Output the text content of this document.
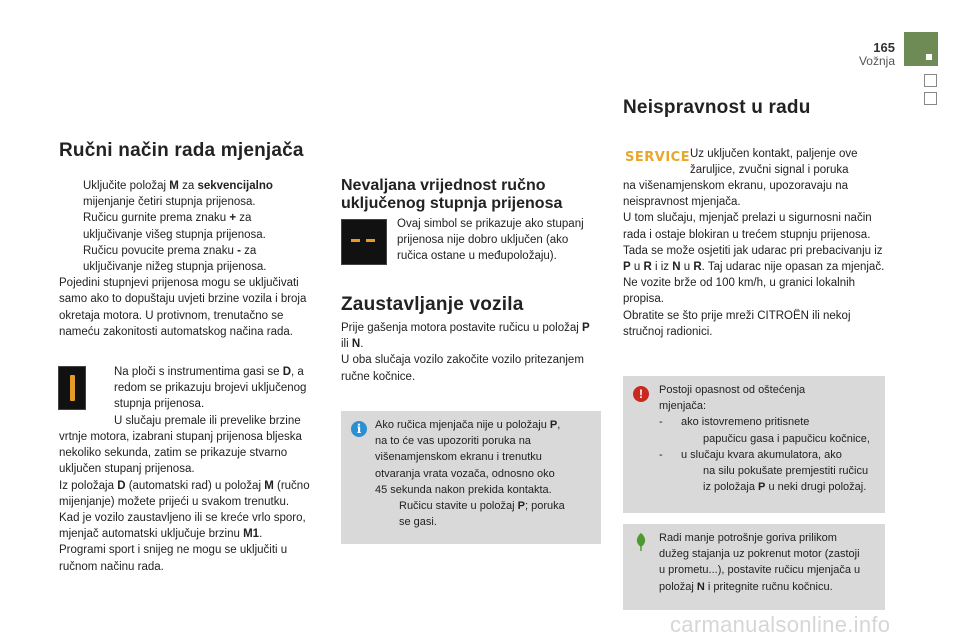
165
Vožnja
Ručni način rada mjenjača
Uključite položaj M za sekvencijalno
mijenjanje četiri stupnja prijenosa.
Ručicu gurnite prema znaku + za
uključivanje višeg stupnja prijenosa.
Ručicu povucite prema znaku - za
uključivanje nižeg stupnja prijenosa.

Pojedini stupnjevi prijenosa mogu se uključivati samo ako to dopuštaju uvjeti brzine vozila i broja okretaja motora. U protivnom, trenutačno se nameću zakonitosti automatskog načina rada.

Na ploči s instrumentima gasi se D, a
redom se prikazuju brojevi uključenog
stupnja prijenosa.
U slučaju premale ili prevelike brzine

vrtnje motora, izabrani stupanj prijenosa bljeska nekoliko sekunda, zatim se prikazuje stvarno uključen stupanj prijenosa.

Iz položaja D (automatski rad) u položaj M (ručno mijenjanje) možete prijeći u svakom trenutku.

Kad je vozilo zaustavljeno ili se kreće vrlo sporo, mjenjač automatski uključuje brzinu M1.

Programi sport i snijeg ne mogu se uključiti u ručnom načinu rada.

Nevaljana vrijednost ručno
uključenog stupnja prijenosa
Ovaj simbol se prikazuje ako stupanj
prijenosa nije dobro uključen (ako
ručica ostane u međupoložaju).
Zaustavljanje vozila

Prije gašenja motora postavite ručicu u položaj P
ili N.

U oba slučaja vozilo zakočite vozilo pritezanjem ručne kočnice.

i	Ako ručica mjenjača nije u položaju P,
na to će vas upozoriti poruka na
višenamjenskom ekranu i trenutku
otvaranja vrata vozača, odnosno oko
45 sekunda nakon prekida kontakta.
Ručicu stavite u položaj P; poruka
se gasi.
Neispravnost u radu
SERVICE Uz uključen kontakt, paljenje ove
žaruljice, zvučni signal i poruka

na višenamjenskom ekranu, upozoravaju na neispravnost mjenjača.

U tom slučaju, mjenjač prelazi u sigurnosni način rada i ostaje blokiran u trećem stupnju prijenosa. Tada se može osjetiti jak udarac pri prebacivanju iz P u R i iz N u R. Taj udarac nije opasan za mjenjač.

Ne vozite brže od 100 km/h, u granici lokalnih propisa.

Obratite se što prije mreži CITROËN ili nekoj stručnoj radionici.

!	Postoji opasnost od oštećenja
mjenjača:
- ako istovremeno pritisnete
papučicu gasa i papučicu kočnice,
- u slučaju kvara akumulatora, ako
na silu pokušate premjestiti ručicu
iz položaja P u neki drugi položaj.
Radi manje potrošnje goriva prilikom
dužeg stajanja uz pokrenut motor (zastoji
u prometu...), postavite ručicu mjenjača u
položaj N i pritegnite ručnu kočnicu.
carmanualsonline.info
